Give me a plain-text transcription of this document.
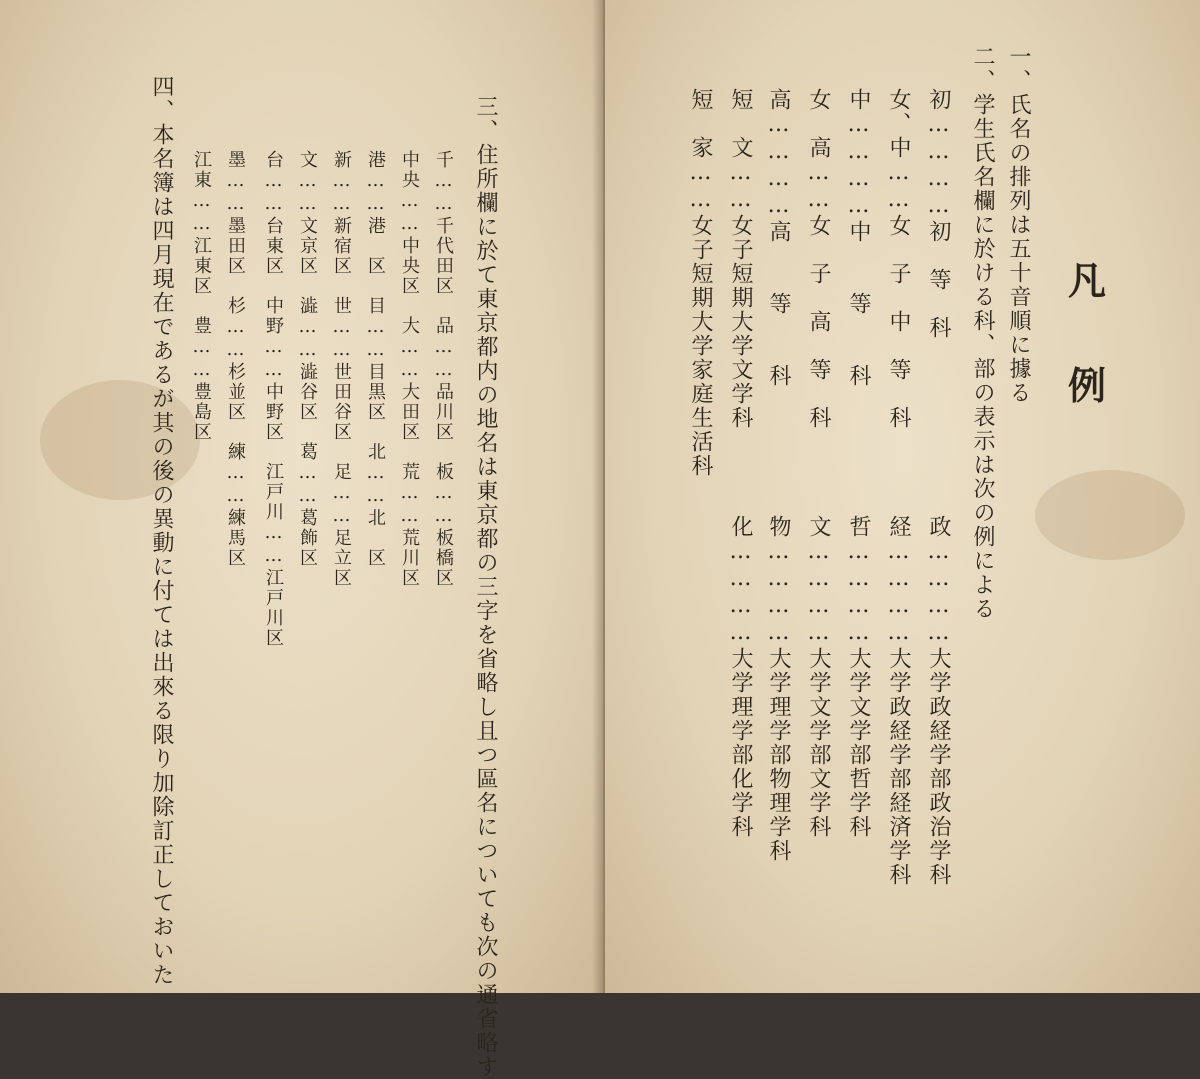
三、住所欄に於て東京都内の地名は東京都の三字を省略し且つ區名についても次の通省略す
千……千代田区　品……品川区　板……板橋区
中央……中央区　大……大田区　荒……荒川区
港……港　区　目……目黒区　北……北　区
新……新宿区　世……世田谷区　足……足立区
文……文京区　澁……澁谷区　葛……葛飾区
台……台東区　中野……中野区　江戸川……江戸川区
墨……墨田区　杉……杉並区　練……練馬区
江東……江東区　豊……豊島区
四、本名簿は四月現在であるが其の後の異動に付ては出來る限り加除訂正しておいた	凡
例
一、氏名の排列は五十音順に據る
二、学生氏名欄に於ける科、部の表示は次の例による
初…………初　等　科
女、中……女　子　中　等　科
中…………中　　等　　科
女　高……女　子　高　等　科
高…………高　　等　　科
短　文……女子短期大学文学科
短　家……女子短期大学家庭生活科
政…………大学政経学部政治学科
経…………大学政経学部経済学科
哲…………大学文学部哲学科
文…………大学文学部文学科
物…………大学理学部物理学科
化…………大学理学部化学科
